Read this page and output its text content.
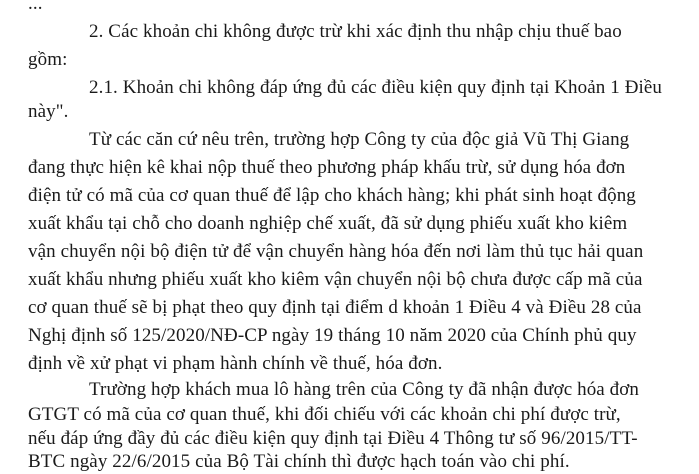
...
2. Các khoản chi không được trừ khi xác định thu nhập chịu thuế bao
gồm:
2.1. Khoản chi không đáp ứng đủ các điều kiện quy định tại Khoản 1 Điều
này".
Từ các căn cứ nêu trên, trường hợp Công ty của độc giả Vũ Thị Giang
đang thực hiện kê khai nộp thuế theo phương pháp khấu trừ, sử dụng hóa đơn
điện tử có mã của cơ quan thuế để lập cho khách hàng; khi phát sinh hoạt động
xuất khẩu tại chỗ cho doanh nghiệp chế xuất, đã sử dụng phiếu xuất kho kiêm
vận chuyển nội bộ điện tử để vận chuyển hàng hóa đến nơi làm thủ tục hải quan
xuất khẩu nhưng phiếu xuất kho kiêm vận chuyển nội bộ chưa được cấp mã của
cơ quan thuế sẽ bị phạt theo quy định tại điểm d khoản 1 Điều 4 và Điều 28 của
Nghị định số 125/2020/NĐ-CP ngày 19 tháng 10 năm 2020 của Chính phủ quy
định về xử phạt vi phạm hành chính về thuế, hóa đơn.
Trường hợp khách mua lô hàng trên của Công ty đã nhận được hóa đơn
GTGT có mã của cơ quan thuế, khi đối chiếu với các khoản chi phí được trừ,
nếu đáp ứng đầy đủ các điều kiện quy định tại Điều 4 Thông tư số 96/2015/TT-
BTC ngày 22/6/2015 của Bộ Tài chính thì được hạch toán vào chi phí.
